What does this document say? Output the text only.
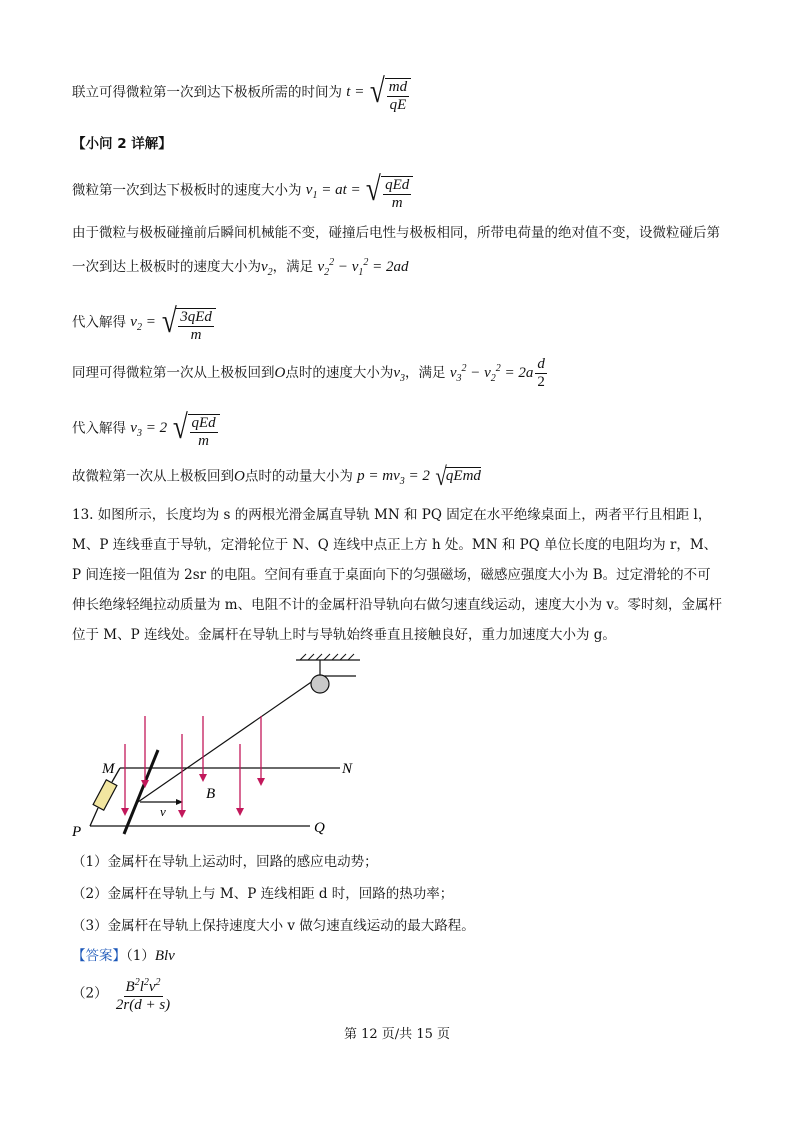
联立可得微粒第一次到达下极板所需的时间为 t = √ $\frac{md}{qE}$
【小问 2 详解】
微粒第一次到达下极板时的速度大小为 $v_1$ = at = √ $\frac{\text{qEd}}{m}$
由于微粒与极板碰撞前后瞬间机械能不变，碰撞后电性与极板相同，所带电荷量的绝对值不变，设微粒碰后第一次到达上极板时的速度大小为$v_2$，满足 $v_2^2 - v_1^2 = 2ad$
代入解得 $v_2$ = √ $\frac{\text{3qEd}}{m}$
同理可得微粒第一次从上极板回到O点时的速度大小为$v_3$，满足 $v_3^2 - v_2^2 = 2a \frac{d}{2}$
代入解得 $v_3 = 2$ √ $\frac{\text{qEd}}{m}$
故微粒第一次从上极板回到O点时的动量大小为 $p = mv_3 = 2$ √ qEmd
13. 如图所示，长度均为 s 的两根光滑金属直导轨 MN 和 PQ 固定在水平绝缘桌面上，两者平行且相距 l，M、P 连线垂直于导轨，定滑轮位于 N、Q 连线中点正上方 h 处。MN 和 PQ 单位长度的电阻均为 r，M、P 间连接一阻值为 2sr 的电阻。空间有垂直于桌面向下的匀强磁场，磁感应强度大小为 B。过定滑轮的不可伸长绝缘轻绳拉动质量为 m、电阻不计的金属杆沿导轨向右做匀速直线运动，速度大小为 v。零时刻，金属杆位于 M、P 连线处。金属杆在导轨上时与导轨始终垂直且接触良好，重力加速度大小为 g。
M	N
P	Q
B
v
（1）金属杆在导轨上运动时，回路的感应电动势；
（2）金属杆在导轨上与 M、P 连线相距 d 时，回路的热功率；
（3）金属杆在导轨上保持速度大小 v 做匀速直线运动的最大路程。
【答案】（1）Blv
$(2) \frac{B^2l^2v^2}{2r(d + s)}$
第 12 页/共 15 页
